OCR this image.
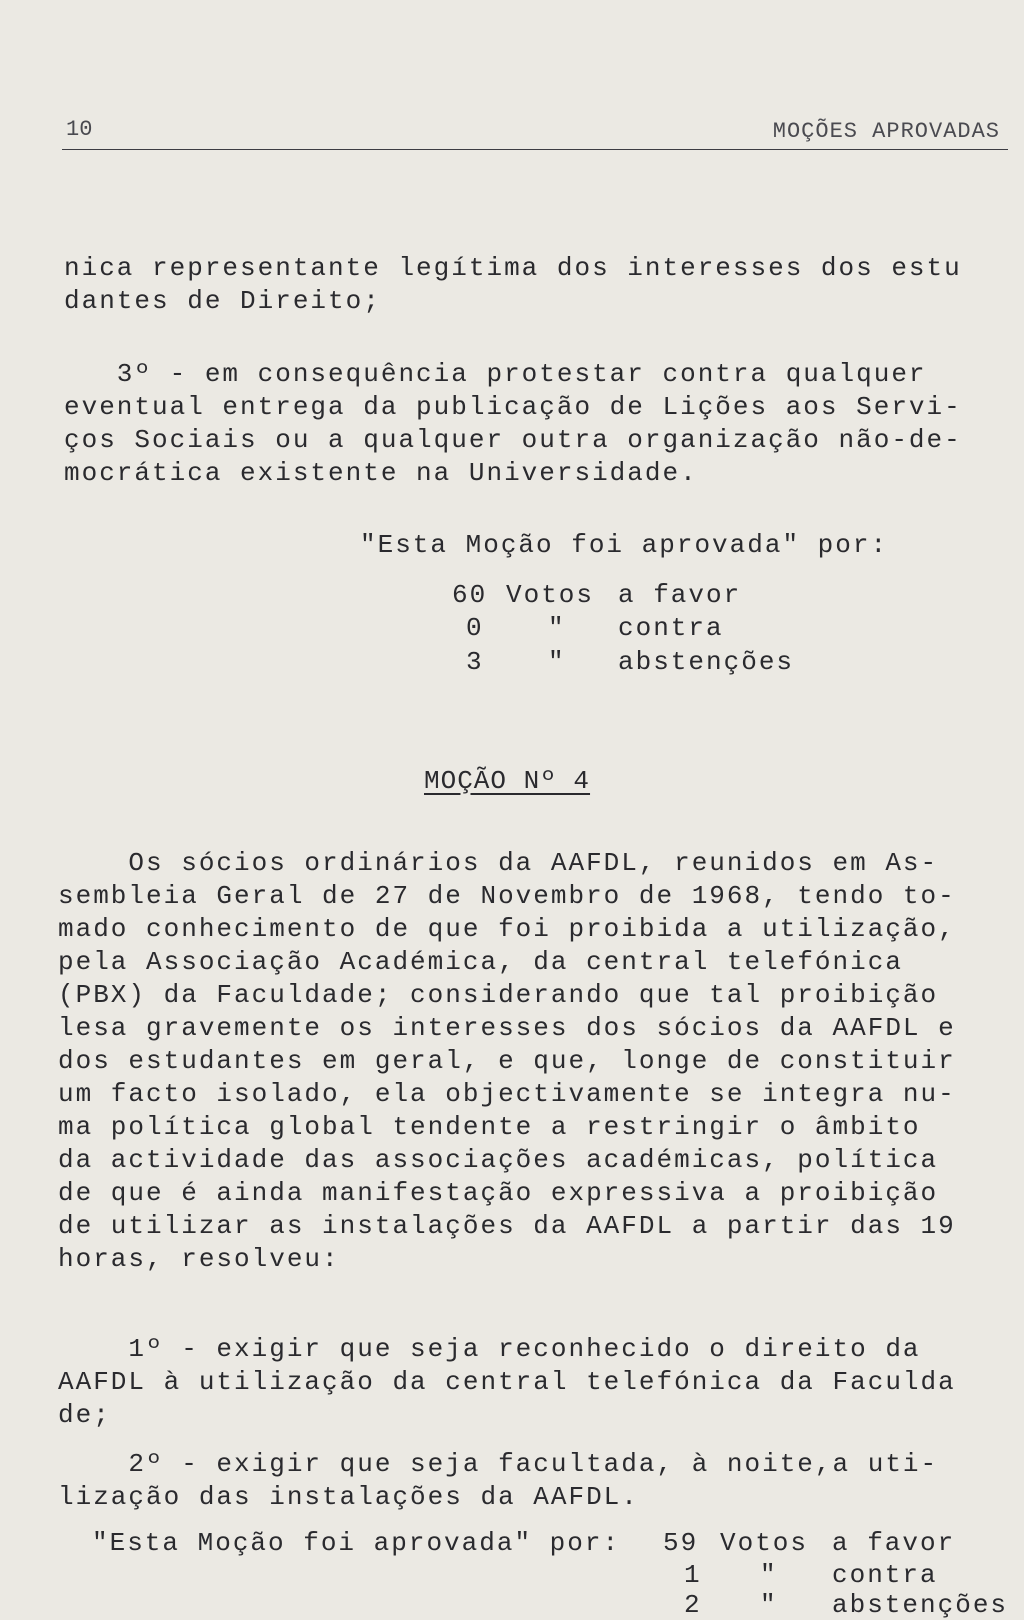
10	MOÇÕES APROVADAS
nica representante legítima dos interesses dos estu
dantes de Direito;
3º - em consequência protestar contra qualquer
eventual entrega da publicação de Lições aos Servi-
ços Sociais ou a qualquer outra organização não-de-
mocrática existente na Universidade.
"Esta Moção foi aprovada" por:
60 Votos a favor
0 " contra
3 " abstenções
MOÇÃO Nº 4
Os sócios ordinários da AAFDL, reunidos em As-
sembleia Geral de 27 de Novembro de 1968, tendo to-
mado conhecimento de que foi proibida a utilização,
pela Associação Académica, da central telefónica
(PBX) da Faculdade; considerando que tal proibição
lesa gravemente os interesses dos sócios da AAFDL e
dos estudantes em geral, e que, longe de constituir
um facto isolado, ela objectivamente se integra nu-
ma política global tendente a restringir o âmbito
da actividade das associações académicas, política
de que é ainda manifestação expressiva a proibição
de utilizar as instalações da AAFDL a partir das 19
horas, resolveu:
1º - exigir que seja reconhecido o direito da
AAFDL à utilização da central telefónica da Faculda
de;
2º - exigir que seja facultada, à noite,a uti-
lização das instalações da AAFDL.
"Esta Moção foi aprovada" por: 59 Votos a favor
1 " contra
2 " abstenções
